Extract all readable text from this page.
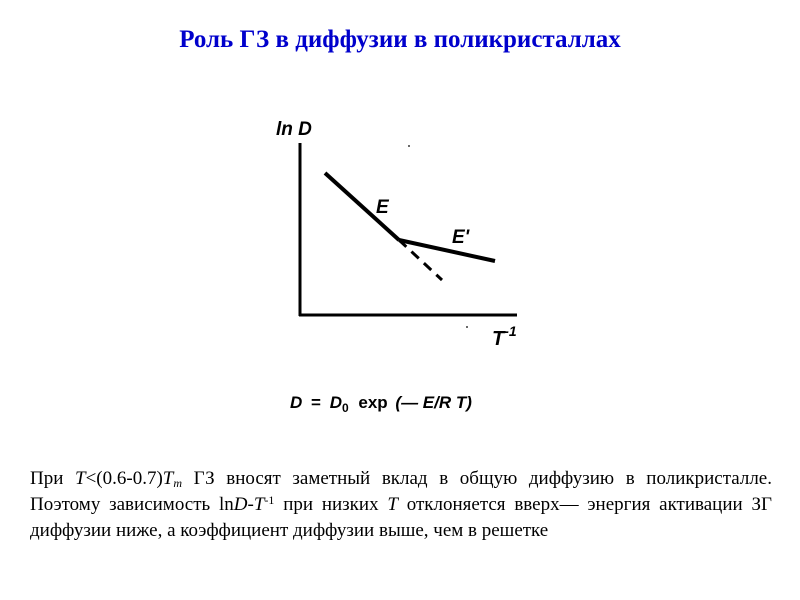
Роль ГЗ в диффузии в поликристаллах
ln D
$T^{-1}$
E
E'
$D = D_0$ exp (— E/R T)

При $T<(0.6-0.7)T_m$ ГЗ вносят заметный вклад в общую диффузию в поликристалле. Поэтому зависимость lnD-$T^{-1}$ при низких T отклоняется вверх— энергия активации ЗГ диффузии ниже, а коэффициент диффузии выше, чем в решетке
